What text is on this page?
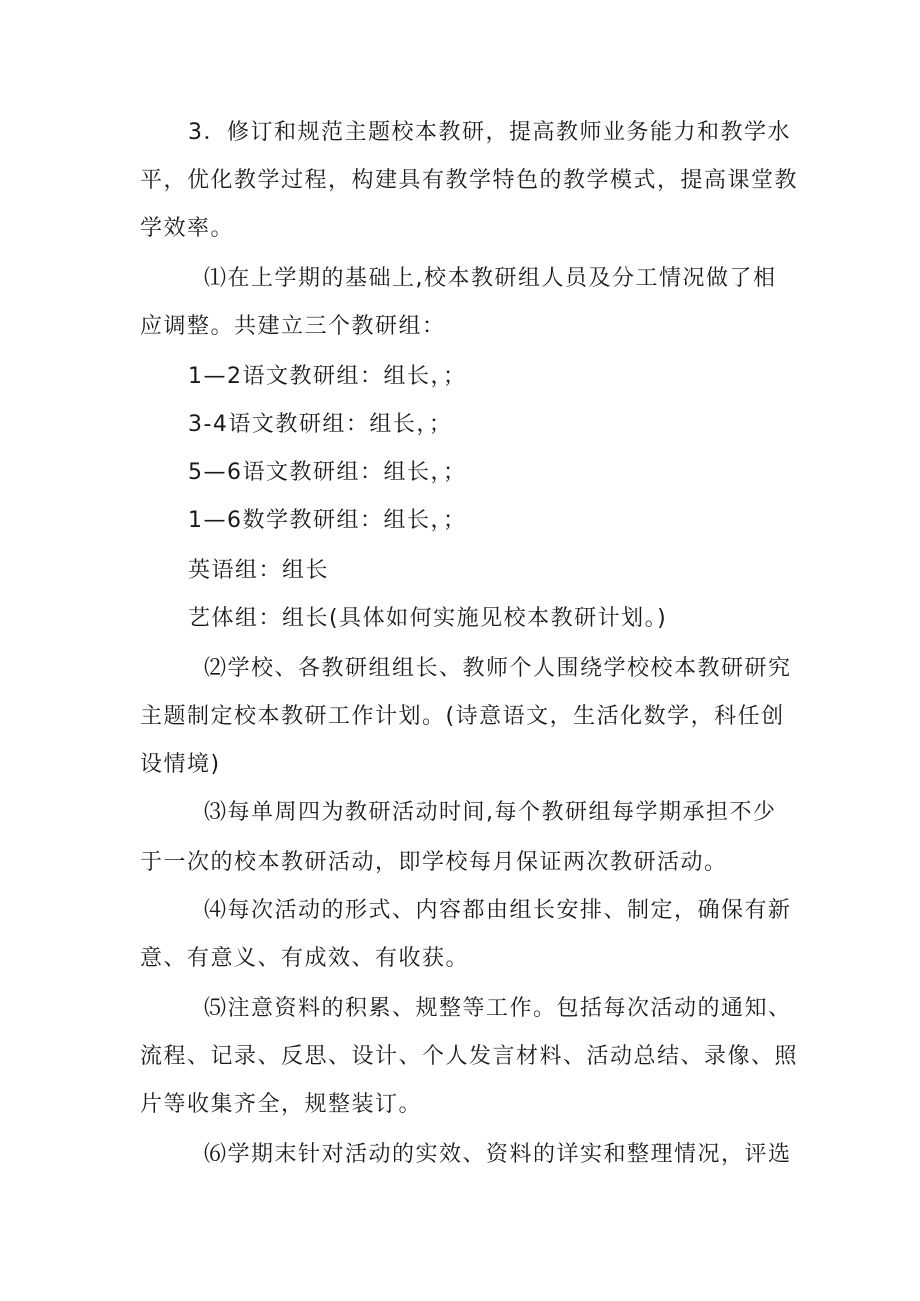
3．修订和规范主题校本教研，提高教师业务能力和教学水
平，优化教学过程，构建具有教学特色的教学模式，提高课堂教
学效率。
⑴在上学期的基础上,校本教研组人员及分工情况做了相
应调整。共建立三个教研组：
1—2语文教研组：组长，；
3-4语文教研组：组长，；
5—6语文教研组：组长，；
1—6数学教研组：组长，；
英语组：组长
艺体组：组长(具体如何实施见校本教研计划。)
⑵学校、各教研组组长、教师个人围绕学校校本教研研究
主题制定校本教研工作计划。(诗意语文，生活化数学，科任创
设情境)
⑶每单周四为教研活动时间,每个教研组每学期承担不少
于一次的校本教研活动，即学校每月保证两次教研活动。
⑷每次活动的形式、内容都由组长安排、制定，确保有新
意、有意义、有成效、有收获。
⑸注意资料的积累、规整等工作。包括每次活动的通知、
流程、记录、反思、设计、个人发言材料、活动总结、录像、照
片等收集齐全，规整装订。
⑹学期末针对活动的实效、资料的详实和整理情况，评选
